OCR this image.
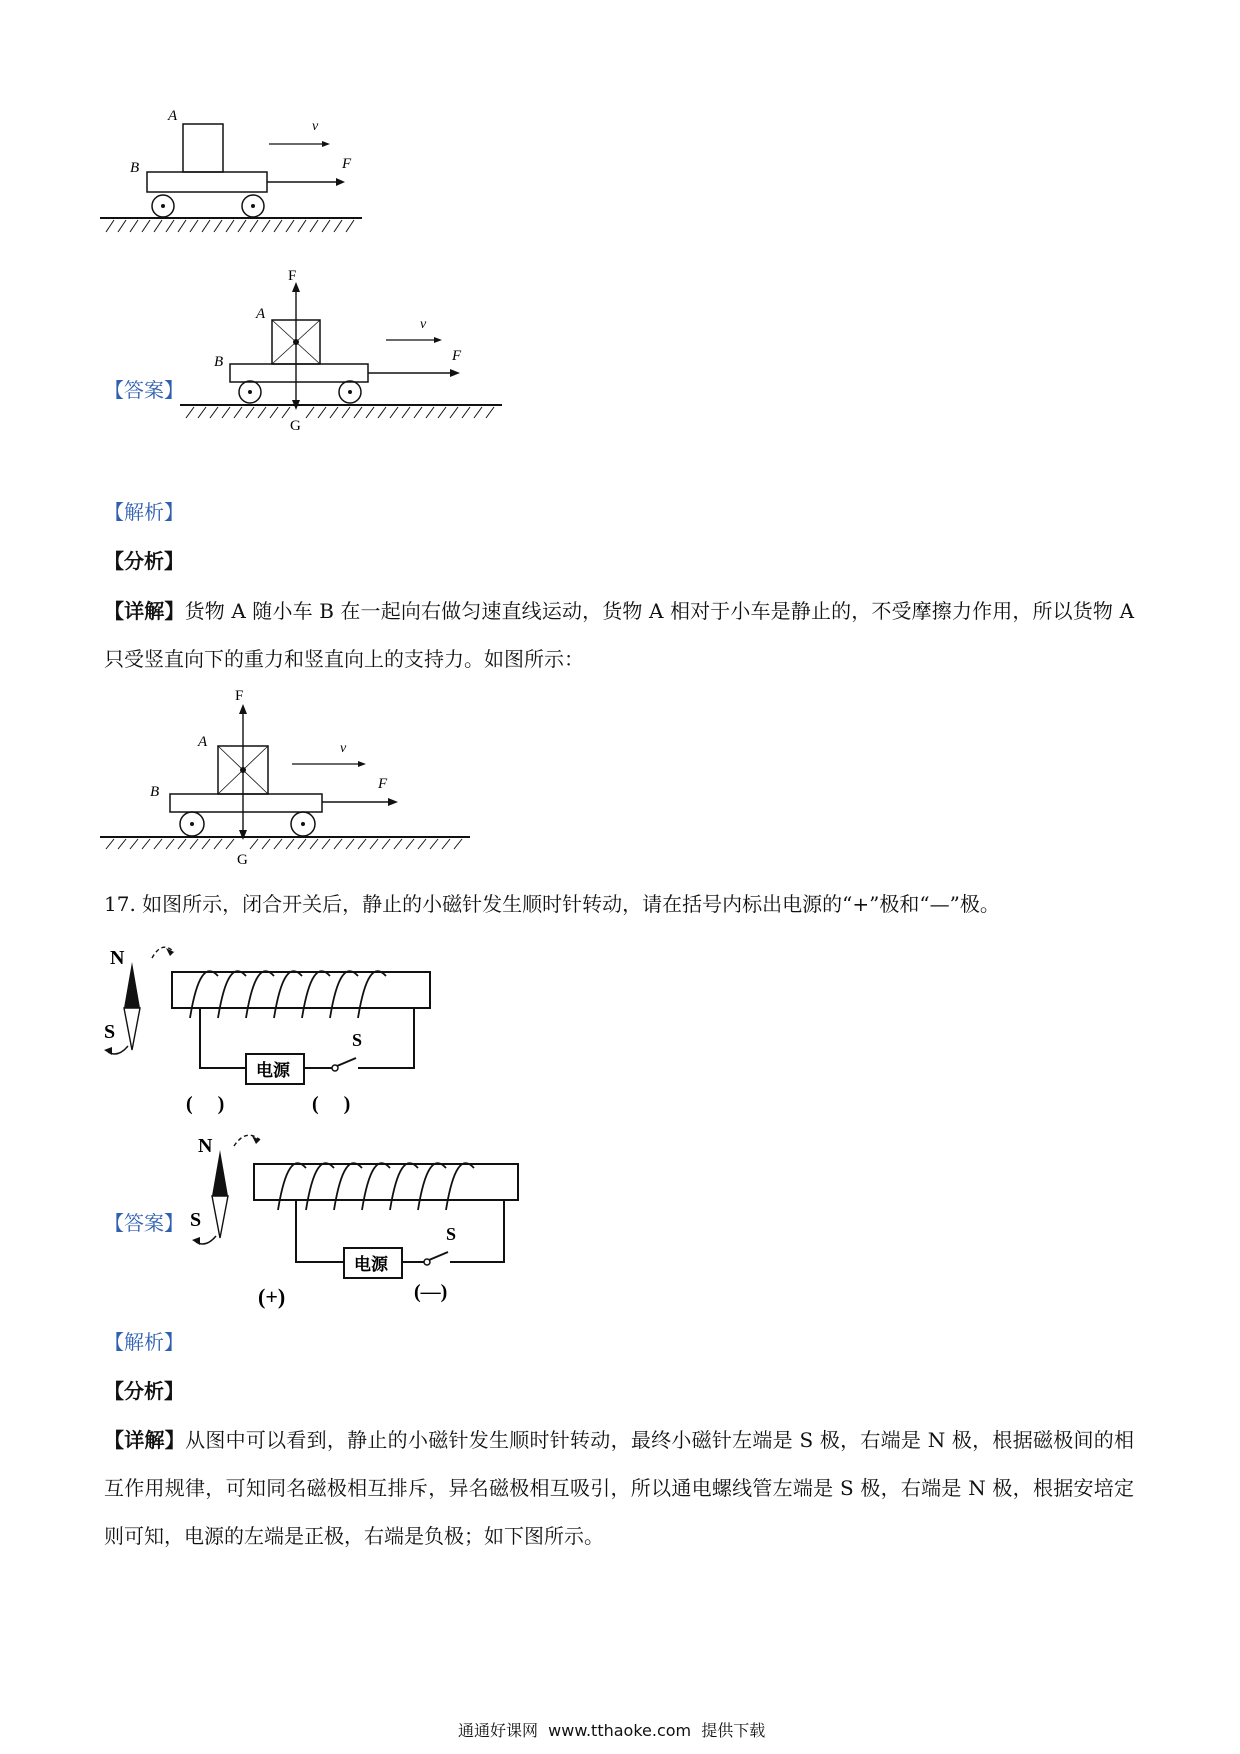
A
B
v
F
【答案】
F
A
B
v
F
G
【解析】
【分析】
【详解】货物 A 随小车 B 在一起向右做匀速直线运动，货物 A 相对于小车是静止的，不受摩擦力作用，所以货物 A 只受竖直向下的重力和竖直向上的支持力。如图所示：
F
A
B
v
F
G
17. 如图所示，闭合开关后，静止的小磁针发生顺时针转动，请在括号内标出电源的“+”极和“—”极。
N
S	S
电源
(     )	(     )
【答案】
N
S
S
电源
(+)	(—)
【解析】
【分析】
【详解】从图中可以看到，静止的小磁针发生顺时针转动，最终小磁针左端是 S 极，右端是 N 极，根据磁极间的相互作用规律，可知同名磁极相互排斥，异名磁极相互吸引，所以通电螺线管左端是 S 极，右端是 N 极，根据安培定则可知，电源的左端是正极，右端是负极；如下图所示。
通通好课网  www.tthaoke.com  提供下载
